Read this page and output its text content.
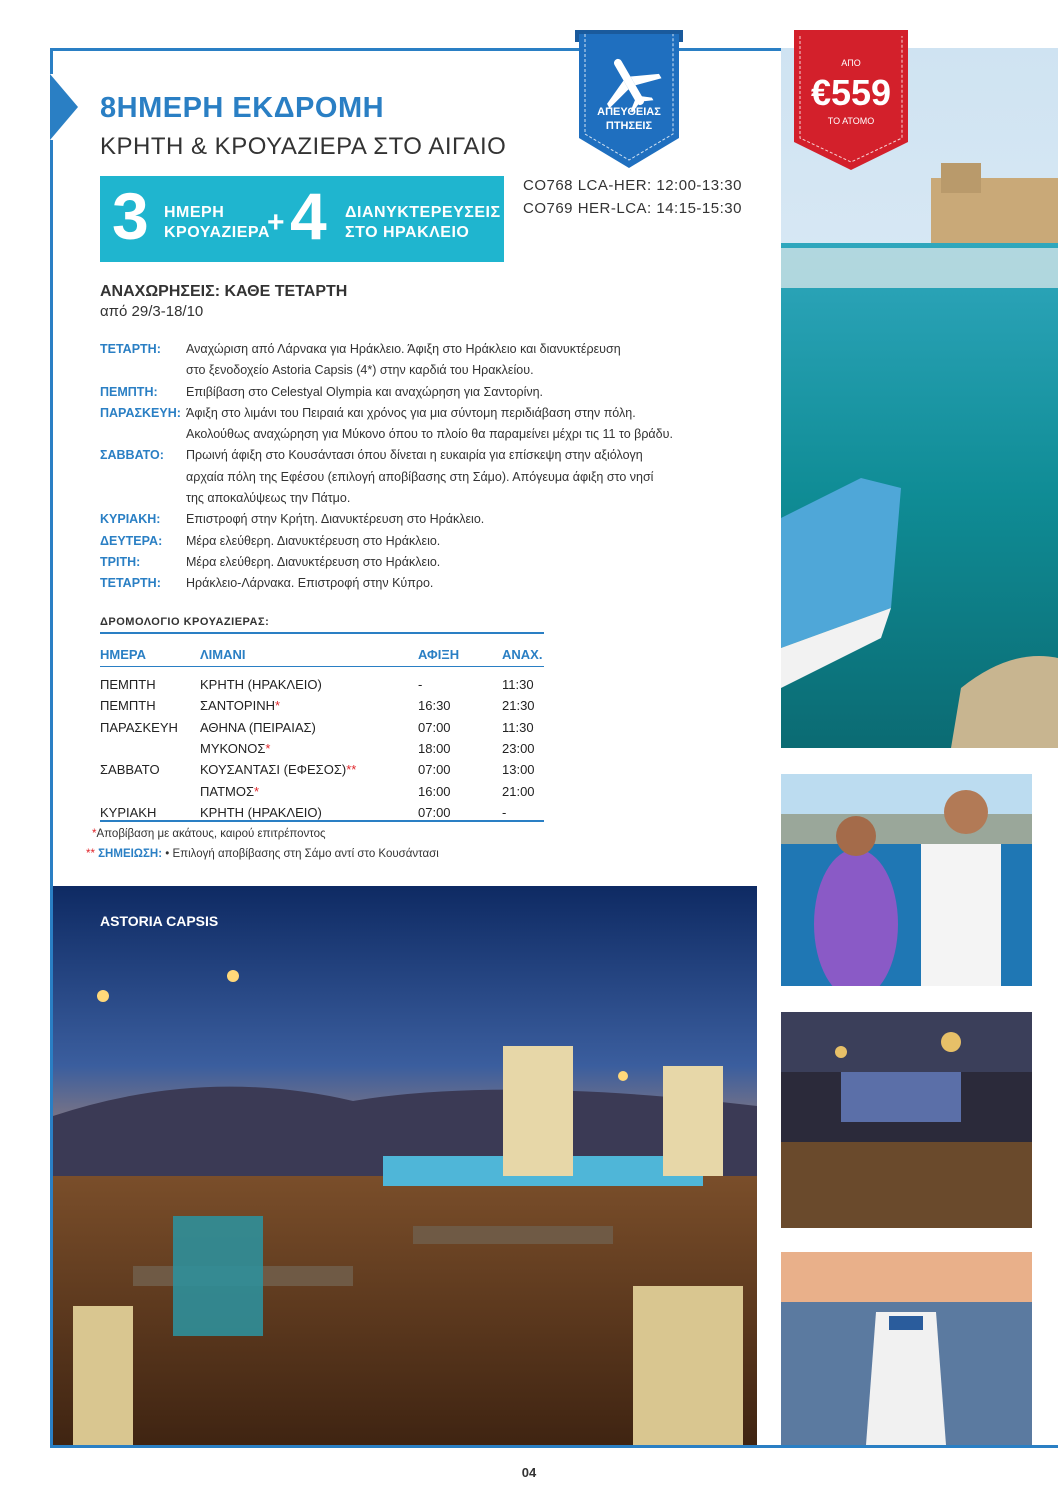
8ΗΜΕΡΗ ΕΚΔΡΟΜΗ
ΚΡΗΤΗ & ΚΡΟΥΑΖΙΕΡΑ ΣΤΟ ΑΙΓΑΙΟ
3 ΗΜΕΡΗ
ΚΡΟΥΑΖΙΕΡΑ
+ 4 ΔΙΑΝΥΚΤΕΡΕΥΣΕΙΣ
ΣΤΟ ΗΡΑΚΛΕΙΟ
CO768 LCA-HER: 12:00-13:30
CO769 HER-LCA: 14:15-15:30
ΑΠΕΥΘΕΙΑΣ
ΠΤΗΣΕΙΣ
ΑΠΟ
€559
ΤΟ ΑΤΟΜΟ
ΑΝΑΧΩΡΗΣΕΙΣ: ΚΑΘΕ ΤΕΤΑΡΤΗ
από 29/3-18/10
ΤΕΤΑΡΤΗ:	Αναχώριση από Λάρνακα για Ηράκλειο. Άφιξη στο Ηράκλειο και διανυκτέρευση
στο ξενοδοχείο Astoria Capsis (4*) στην καρδιά του Ηρακλείου.
ΠΕΜΠΤΗ:	Επιβίβαση στο Celestyal Olympia και αναχώρηση για Σαντορίνη.
ΠΑΡΑΣΚΕΥΗ: Άφιξη στο λιμάνι του Πειραιά και χρόνος για μια σύντομη περιδιάβαση στην πόλη.
Ακολούθως αναχώρηση για Μύκονο όπου το πλοίο θα παραμείνει μέχρι τις 11 το βράδυ.
ΣΑΒΒΑΤΟ:	Πρωινή άφιξη στο Κουσάντασι όπου δίνεται η ευκαιρία για επίσκεψη στην αξιόλογη
αρχαία πόλη της Εφέσου (επιλογή αποβίβασης στη Σάμο). Απόγευμα άφιξη στο νησί
της αποκαλύψεως την Πάτμο.
ΚΥΡΙΑΚΗ:	Επιστροφή στην Κρήτη. Διανυκτέρευση στο Ηράκλειο.
ΔΕΥΤΕΡΑ:	Μέρα ελεύθερη. Διανυκτέρευση στο Ηράκλειο.
ΤΡΙΤΗ:	Μέρα ελεύθερη. Διανυκτέρευση στο Ηράκλειο.
ΤΕΤΑΡΤΗ:	Ηράκλειο-Λάρνακα. Επιστροφή στην Κύπρο.
ΔΡΟΜΟΛΟΓΙΟ ΚΡΟΥΑΖΙΕΡΑΣ:
ΗΜΕΡΑ	ΛΙΜΑΝΙ	ΑΦΙΞΗ	ΑΝΑΧ.

ΠΕΜΠΤΗ	ΚΡΗΤΗ (ΗΡΑΚΛΕΙΟ)	-	11:30
ΠΕΜΠΤΗ	ΣΑΝΤΟΡΙΝΗ*	16:30	21:30
ΠΑΡΑΣΚΕΥΗ	ΑΘΗΝΑ (ΠΕΙΡΑΙΑΣ)	07:00	11:30
	ΜΥΚΟΝΟΣ*	18:00	23:00
ΣΑΒΒΑΤΟ	ΚΟΥΣΑΝΤΑΣΙ (ΕΦΕΣΟΣ)**	07:00	13:00
	ΠΑΤΜΟΣ*	16:00	21:00
ΚΥΡΙΑΚΗ	ΚΡΗΤΗ (ΗΡΑΚΛΕΙΟ)	07:00	-
*Αποβίβαση με ακάτους, καιρού επιτρέποντος
** ΣΗΜΕΙΩΣΗ: • Επιλογή αποβίβασης στη Σάμο αντί στο Κουσάντασι
ASTORIA CAPSIS
04
